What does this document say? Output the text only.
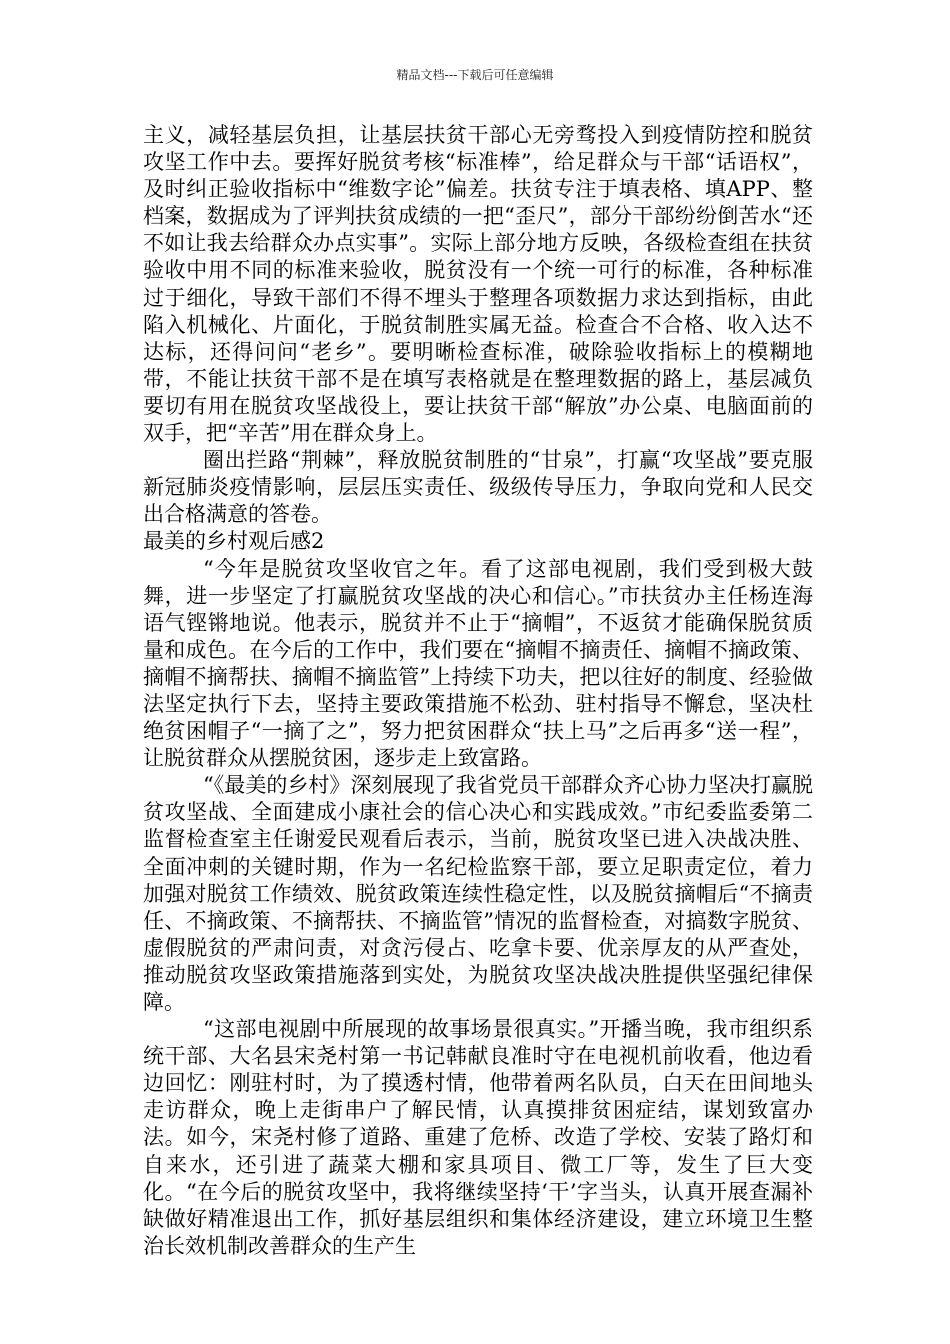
精品文档---下载后可任意编辑

主义，减轻基层负担，让基层扶贫干部心无旁骛投入到疫情防控和脱贫攻坚工作中去。要挥好脱贫考核“标准棒”，给足群众与干部“话语权”，及时纠正验收指标中“维数字论”偏差。扶贫专注于填表格、填APP、整档案，数据成为了评判扶贫成绩的一把“歪尺”，部分干部纷纷倒苦水“还不如让我去给群众办点实事”。实际上部分地方反映，各级检查组在扶贫验收中用不同的标准来验收，脱贫没有一个统一可行的标准，各种标准过于细化，导致干部们不得不埋头于整理各项数据力求达到指标，由此陷入机械化、片面化，于脱贫制胜实属无益。检查合不合格、收入达不达标，还得问问“老乡”。要明晰检查标准，破除验收指标上的模糊地带，不能让扶贫干部不是在填写表格就是在整理数据的路上，基层减负要切有用在脱贫攻坚战役上，要让扶贫干部“解放”办公桌、电脑面前的双手，把“辛苦”用在群众身上。

圈出拦路“荆棘”，释放脱贫制胜的“甘泉”，打赢“攻坚战”要克服新冠肺炎疫情影响，层层压实责任、级级传导压力，争取向党和人民交出合格满意的答卷。

最美的乡村观后感2

“今年是脱贫攻坚收官之年。看了这部电视剧，我们受到极大鼓舞，进一步坚定了打赢脱贫攻坚战的决心和信心。”市扶贫办主任杨连海语气铿锵地说。他表示，脱贫并不止于“摘帽”，不返贫才能确保脱贫质量和成色。在今后的工作中，我们要在“摘帽不摘责任、摘帽不摘政策、摘帽不摘帮扶、摘帽不摘监管”上持续下功夫，把以往好的制度、经验做法坚定执行下去，坚持主要政策措施不松劲、驻村指导不懈怠，坚决杜绝贫困帽子“一摘了之”，努力把贫困群众“扶上马”之后再多“送一程”，让脱贫群众从摆脱贫困，逐步走上致富路。

“《最美的乡村》深刻展现了我省党员干部群众齐心协力坚决打赢脱贫攻坚战、全面建成小康社会的信心决心和实践成效。”市纪委监委第二监督检查室主任谢爱民观看后表示，当前，脱贫攻坚已进入决战决胜、全面冲刺的关键时期，作为一名纪检监察干部，要立足职责定位，着力加强对脱贫工作绩效、脱贫政策连续性稳定性，以及脱贫摘帽后“不摘责任、不摘政策、不摘帮扶、不摘监管”情况的监督检查，对搞数字脱贫、虚假脱贫的严肃问责，对贪污侵占、吃拿卡要、优亲厚友的从严查处，推动脱贫攻坚政策措施落到实处，为脱贫攻坚决战决胜提供坚强纪律保障。

“这部电视剧中所展现的故事场景很真实。”开播当晚，我市组织系统干部、大名县宋尧村第一书记韩献良准时守在电视机前收看，他边看边回忆：刚驻村时，为了摸透村情，他带着两名队员，白天在田间地头走访群众，晚上走街串户了解民情，认真摸排贫困症结，谋划致富办法。如今，宋尧村修了道路、重建了危桥、改造了学校、安装了路灯和自来水，还引进了蔬菜大棚和家具项目、微工厂等，发生了巨大变化。“在今后的脱贫攻坚中，我将继续坚持‘干’字当头，认真开展查漏补缺做好精准退出工作，抓好基层组织和集体经济建设，建立环境卫生整治长效机制改善群众的生产生
